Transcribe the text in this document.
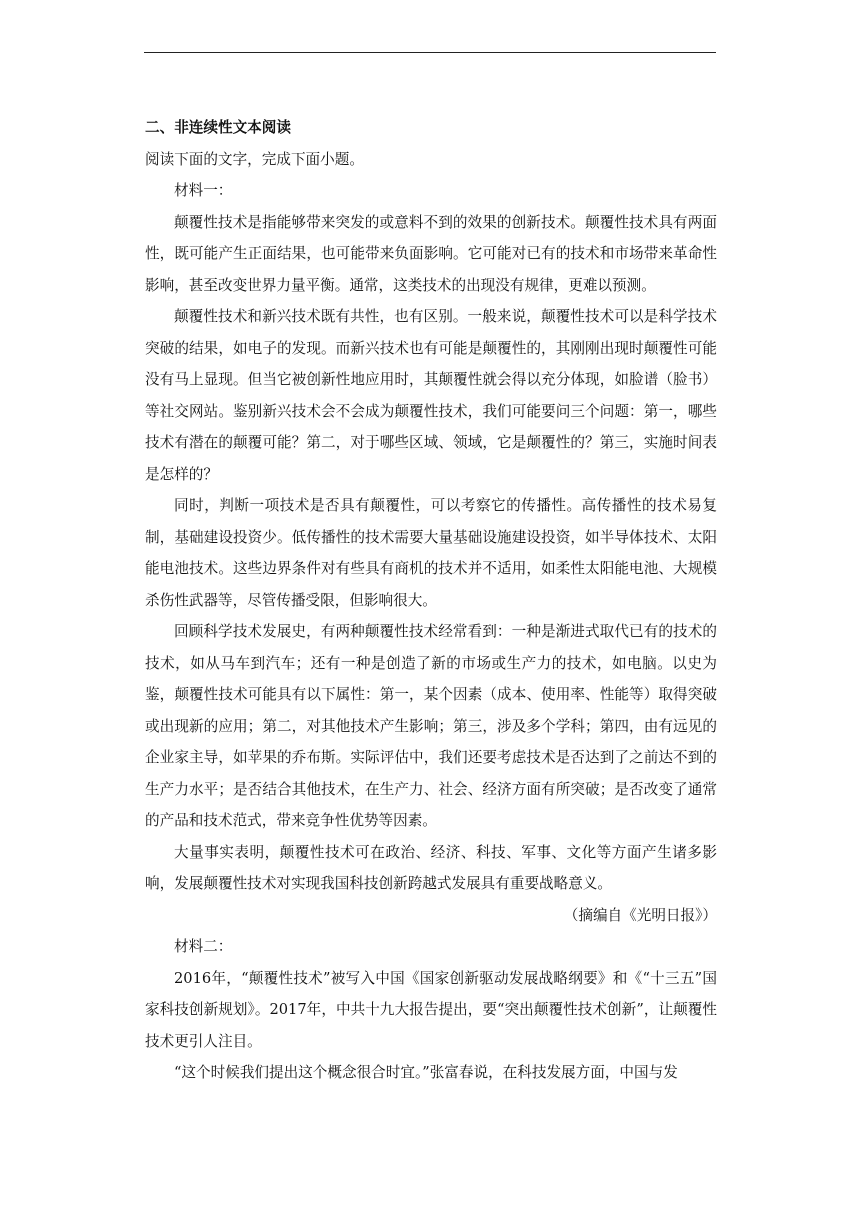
二、非连续性文本阅读

阅读下面的文字，完成下面小题。

材料一：

颠覆性技术是指能够带来突发的或意料不到的效果的创新技术。颠覆性技术具有两面性，既可能产生正面结果，也可能带来负面影响。它可能对已有的技术和市场带来革命性影响，甚至改变世界力量平衡。通常，这类技术的出现没有规律，更难以预测。

颠覆性技术和新兴技术既有共性，也有区别。一般来说，颠覆性技术可以是科学技术突破的结果，如电子的发现。而新兴技术也有可能是颠覆性的，其刚刚出现时颠覆性可能没有马上显现。但当它被创新性地应用时，其颠覆性就会得以充分体现，如脸谱（脸书）等社交网站。鉴别新兴技术会不会成为颠覆性技术，我们可能要问三个问题：第一，哪些技术有潜在的颠覆可能？第二，对于哪些区域、领域，它是颠覆性的？第三，实施时间表是怎样的？

同时，判断一项技术是否具有颠覆性，可以考察它的传播性。高传播性的技术易复制，基础建设投资少。低传播性的技术需要大量基础设施建设投资，如半导体技术、太阳能电池技术。这些边界条件对有些具有商机的技术并不适用，如柔性太阳能电池、大规模杀伤性武器等，尽管传播受限，但影响很大。

回顾科学技术发展史，有两种颠覆性技术经常看到：一种是渐进式取代已有的技术的技术，如从马车到汽车；还有一种是创造了新的市场或生产力的技术，如电脑。以史为鉴，颠覆性技术可能具有以下属性：第一，某个因素（成本、使用率、性能等）取得突破或出现新的应用；第二，对其他技术产生影响；第三，涉及多个学科；第四，由有远见的企业家主导，如苹果的乔布斯。实际评估中，我们还要考虑技术是否达到了之前达不到的生产力水平；是否结合其他技术，在生产力、社会、经济方面有所突破；是否改变了通常的产品和技术范式，带来竞争性优势等因素。

大量事实表明，颠覆性技术可在政治、经济、科技、军事、文化等方面产生诸多影响，发展颠覆性技术对实现我国科技创新跨越式发展具有重要战略意义。

（摘编自《光明日报》）

材料二：

2016年，“颠覆性技术”被写入中国《国家创新驱动发展战略纲要》和《“十三五”国家科技创新规划》。2017年，中共十九大报告提出，要“突出颠覆性技术创新”，让颠覆性技术更引人注目。

“这个时候我们提出这个概念很合时宜。”张富春说，在科技发展方面，中国与发
